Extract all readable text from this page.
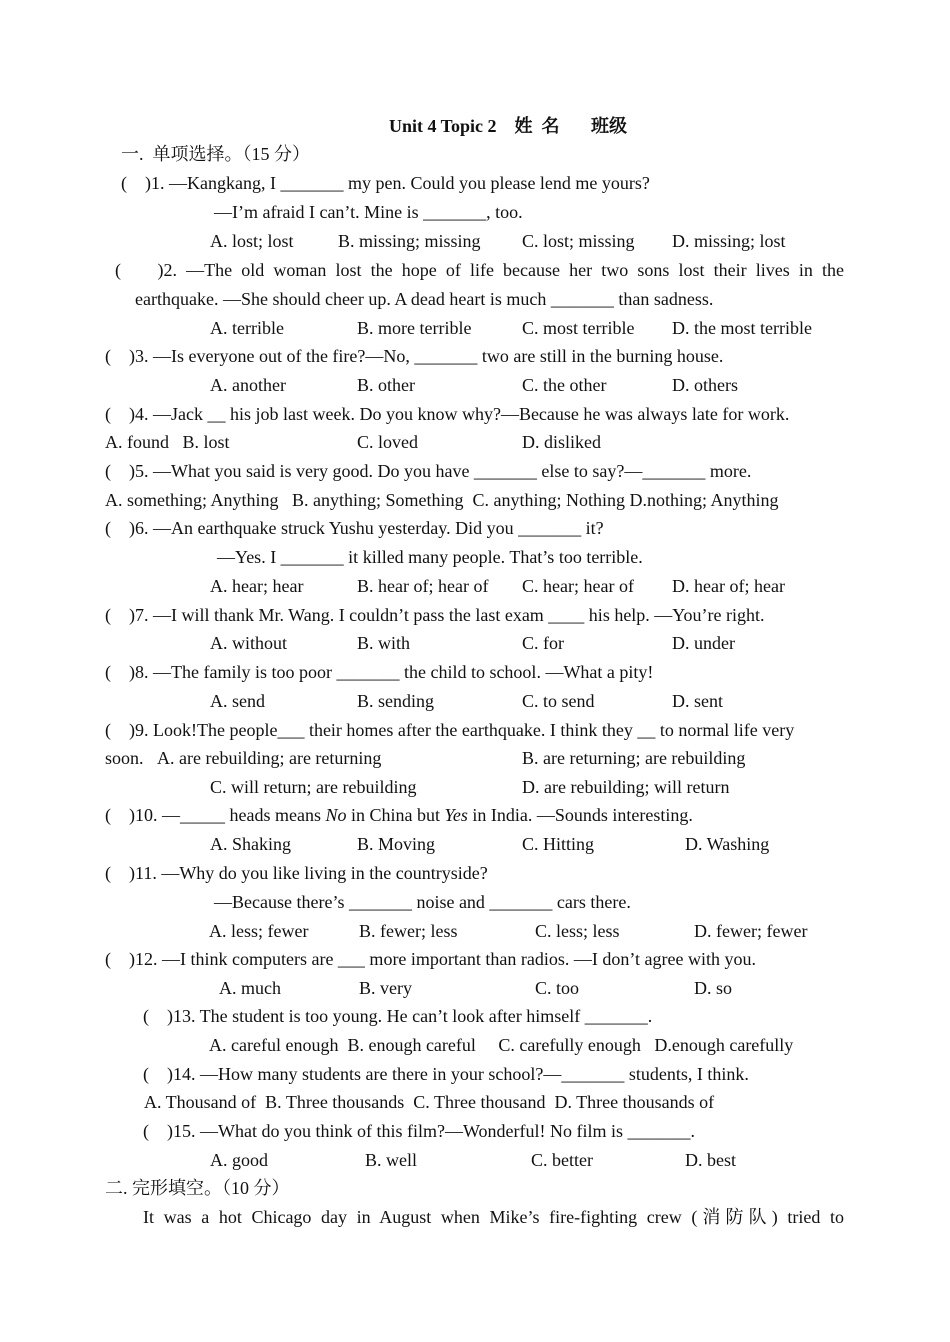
Unit 4 Topic 2    姓  名       班级
一.  单项选择。（15 分）
(    )1. —Kangkang, I _______ my pen. Could you please lend me yours?
—I’m afraid I can’t. Mine is _______, too.
A. lost; lost B. missing; missing C. lost; missing D. missing; lost
(    )2. —The old woman lost the hope of life because her two sons lost their lives in the
earthquake. —She should cheer up. A dead heart is much _______ than sadness.
A. terrible	B. more terrible	C. most terrible D. the most terrible
(    )3. —Is everyone out of the fire?—No, _______ two are still in the burning house.
A. another	B. other	C. the other	D. others
(    )4. —Jack __ his job last week. Do you know why?—Because he was always late for work.
A. found   B. lost	C. loved	D. disliked
(    )5. —What you said is very good. Do you have _______ else to say?—_______ more.
A. something; Anything   B. anything; Something  C. anything; Nothing D.nothing; Anything
(    )6. —An earthquake struck Yushu yesterday. Did you _______ it?
—Yes. I _______ it killed many people. That’s too terrible.
A. hear; hear	B. hear of; hear of C. hear; hear of D. hear of; hear
(    )7. —I will thank Mr. Wang. I couldn’t pass the last exam ____ his help. —You’re right.
A. without	B. with	C. for	D. under
(    )8. —The family is too poor _______ the child to school. —What a pity!
A. send	B. sending	C. to send	D. sent
(    )9. Look!The people___ their homes after the earthquake. I think they __ to normal life very
soon.   A. are rebuilding; are returning	B. are returning; are rebuilding
C. will return; are rebuilding	D. are rebuilding; will return
(    )10. —_____ heads means No in China but Yes in India. —Sounds interesting.
A. Shaking	B. Moving	C. Hitting	D. Washing
(    )11. —Why do you like living in the countryside?
—Because there’s _______ noise and _______ cars there.
A. less; fewer	B. fewer; less	C. less; less	D. fewer; fewer
(    )12. —I think computers are ___ more important than radios. —I don’t agree with you.
A. much	B. very	C. too	D. so
(    )13. The student is too young. He can’t look after himself _______.
A. careful enough  B. enough careful     C. carefully enough   D.enough carefully
(    )14. —How many students are there in your school?—_______ students, I think.
A. Thousand of  B. Three thousands  C. Three thousand  D. Three thousands of
(    )15. —What do you think of this film?—Wonderful! No film is _______.
A. good	B. well	C. better	D. best
二. 完形填空。（10 分）
It was a hot Chicago day in August when Mike’s fire-fighting crew (消防队) tried to
